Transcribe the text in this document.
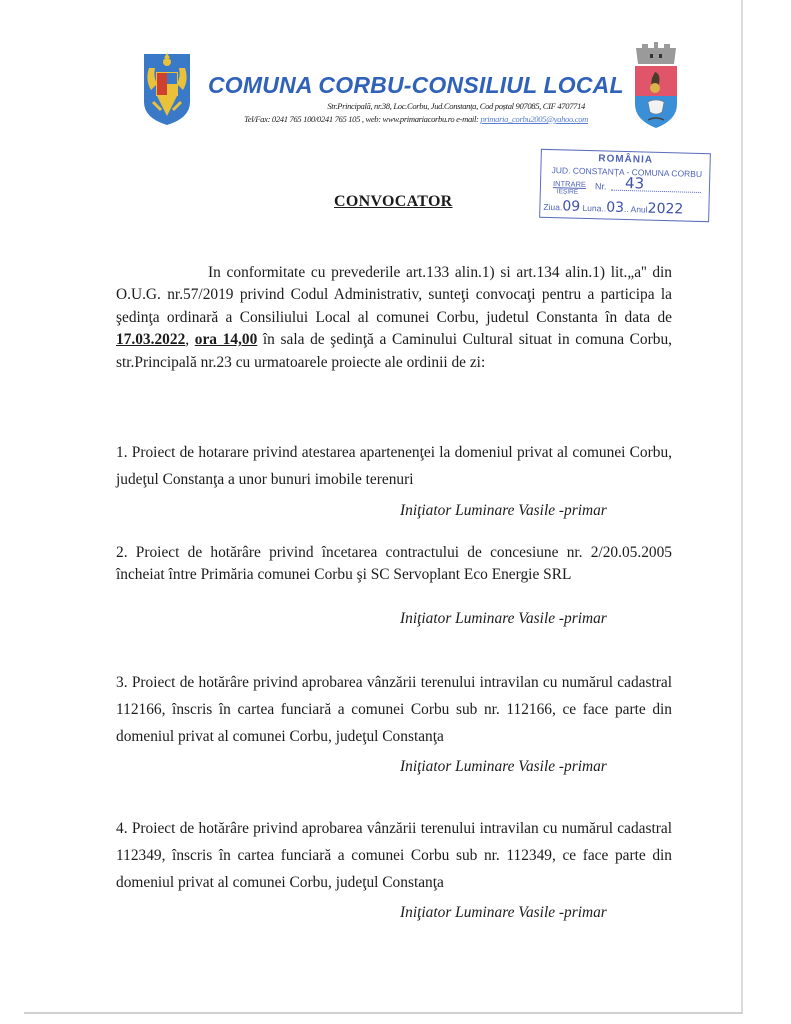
COMUNA CORBU-CONSILIUL LOCAL
Str.Principală, nr.38, Loc.Corbu, Jud.Constanța, Cod poștal 907085, CIF 4707714
Tel/Fax: 0241 765 100/0241 765 105 , web: www.primariacorbu.ro e-mail: primaria_corbu2005@yahoo.com
ROMÂNIA
JUD. CONSTANȚA - COMUNA CORBU
INTRARE
IEȘIRE
Nr. 43
Ziua.09 Luna..03.. Anul2022
CONVOCATOR
In conformitate cu prevederile art.133 alin.1) si art.134 alin.1) lit.„a'' din O.U.G. nr.57/2019 privind Codul Administrativ, sunteţi convocaţi pentru a participa la şedinţa ordinară a Consiliului Local al comunei Corbu, judetul Constanta în data de 17.03.2022, ora 14,00 în sala de şedinţă a Caminului Cultural situat in comuna Corbu, str.Principală nr.23 cu urmatoarele proiecte ale ordinii de zi:
1. Proiect de hotarare privind atestarea apartenenţei la domeniul privat al comunei Corbu, judeţul Constanţa a unor bunuri imobile terenuri
Iniţiator Luminare Vasile -primar
2. Proiect de hotărâre privind încetarea contractului de concesiune nr. 2/20.05.2005 încheiat între Primăria comunei Corbu şi SC Servoplant Eco Energie SRL
Iniţiator Luminare Vasile -primar
3. Proiect de hotărâre privind aprobarea vânzării terenului intravilan cu numărul cadastral 112166, înscris în cartea funciară a comunei Corbu sub nr. 112166, ce face parte din domeniul privat al comunei Corbu, judeţul Constanţa
Iniţiator Luminare Vasile -primar
4. Proiect de hotărâre privind aprobarea vânzării terenului intravilan cu numărul cadastral 112349, înscris în cartea funciară a comunei Corbu sub nr. 112349, ce face parte din domeniul privat al comunei Corbu, judeţul Constanţa
Iniţiator Luminare Vasile -primar
